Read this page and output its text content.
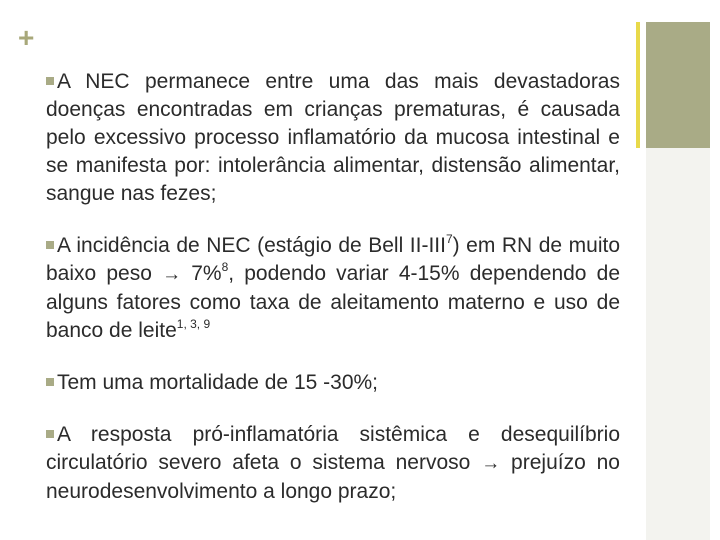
+

A NEC permanece entre uma das mais devastadoras doenças encontradas em crianças prematuras, é causada pelo excessivo processo inflamatório da mucosa intestinal e se manifesta por: intolerância alimentar, distensão alimentar, sangue nas fezes;

A incidência de NEC (estágio de Bell II-III$^7$) em RN de muito baixo peso → 7%$^8$, podendo variar 4-15% dependendo de alguns fatores como taxa de aleitamento materno e uso de banco de leite$^{1, 3, 9}$

Tem uma mortalidade de 15 -30%;

A resposta pró-inflamatória sistêmica e desequilíbrio circulatório severo afeta o sistema nervoso → prejuízo no neurodesenvolvimento a longo prazo;
